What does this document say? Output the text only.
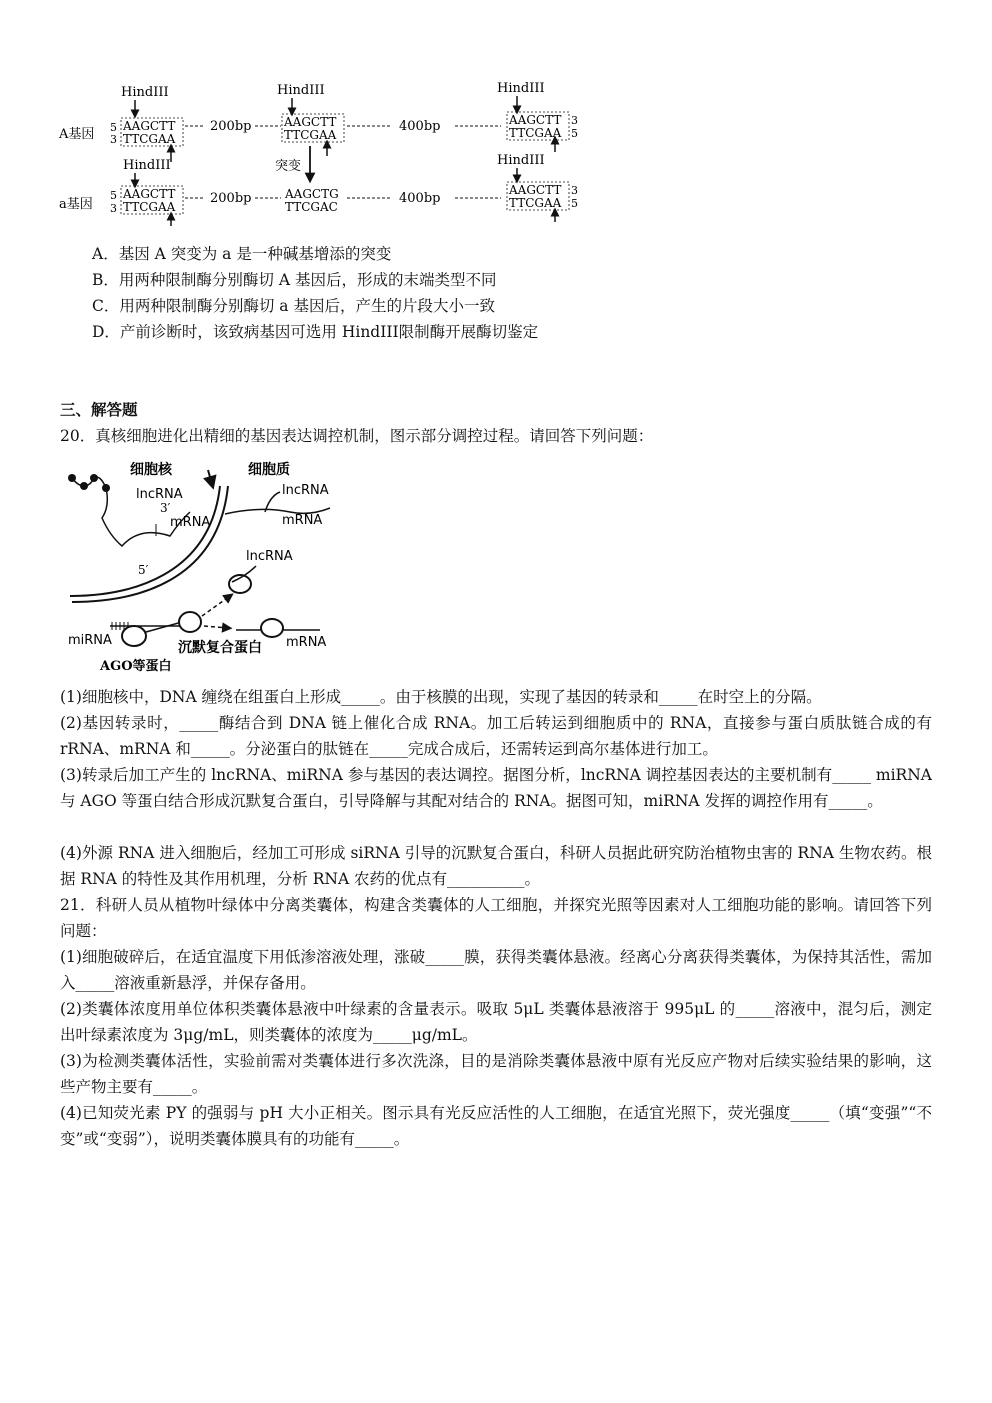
A基因 5
3
HindIII
AAGCTT
TTCGAA
200bp
HindIII
AAGCTT
TTCGAA
400bp
HindIII
AAGCTT
TTCGAA
3
5
a基因
5
3
HindIII
AAGCTT
TTCGAA
200bp
突变
AAGCTG
TTCGAC
400bp
HindIII
AAGCTT
TTCGAA
3
5
A．基因 A 突变为 a 是一种碱基增添的突变
B．用两种限制酶分别酶切 A 基因后，形成的末端类型不同
C．用两种限制酶分别酶切 a 基因后，产生的片段大小一致
D．产前诊断时，该致病基因可选用 HindIII限制酶开展酶切鉴定
三、解答题
20．真核细胞进化出精细的基因表达调控机制，图示部分调控过程。请回答下列问题：
细胞核
lncRNA
3′
mRNA
5′
细胞质
lncRNA
mRNA
lncRNA
miRNA
AGO等蛋白
沉默复合蛋白 mRNA
(1)细胞核中，DNA 缠绕在组蛋白上形成_____。由于核膜的出现，实现了基因的转录和_____在时空上的分隔。
(2)基因转录时，_____酶结合到 DNA 链上催化合成 RNA。加工后转运到细胞质中的 RNA，直接参与蛋白质肽链合成的有 rRNA、mRNA 和_____。分泌蛋白的肽链在_____完成合成后，还需转运到高尔基体进行加工。
(3)转录后加工产生的 lncRNA、miRNA 参与基因的表达调控。据图分析，lncRNA 调控基因表达的主要机制有_____ miRNA 与 AGO 等蛋白结合形成沉默复合蛋白，引导降解与其配对结合的 RNA。据图可知，miRNA 发挥的调控作用有_____。
(4)外源 RNA 进入细胞后，经加工可形成 siRNA 引导的沉默复合蛋白，科研人员据此研究防治植物虫害的 RNA 生物农药。根据 RNA 的特性及其作用机理，分析 RNA 农药的优点有__________。
21．科研人员从植物叶绿体中分离类囊体，构建含类囊体的人工细胞，并探究光照等因素对人工细胞功能的影响。请回答下列问题：
(1)细胞破碎后，在适宜温度下用低渗溶液处理，涨破_____膜，获得类囊体悬液。经离心分离获得类囊体，为保持其活性，需加入_____溶液重新悬浮，并保存备用。
(2)类囊体浓度用单位体积类囊体悬液中叶绿素的含量表示。吸取 5μL 类囊体悬液溶于 995μL 的_____溶液中，混匀后，测定出叶绿素浓度为 3μg/mL，则类囊体的浓度为_____μg/mL。
(3)为检测类囊体活性，实验前需对类囊体进行多次洗涤，目的是消除类囊体悬液中原有光反应产物对后续实验结果的影响，这些产物主要有_____。
(4)已知荧光素 PY 的强弱与 pH 大小正相关。图示具有光反应活性的人工细胞，在适宜光照下，荧光强度_____（填“变强”“不变”或“变弱”），说明类囊体膜具有的功能有_____。
